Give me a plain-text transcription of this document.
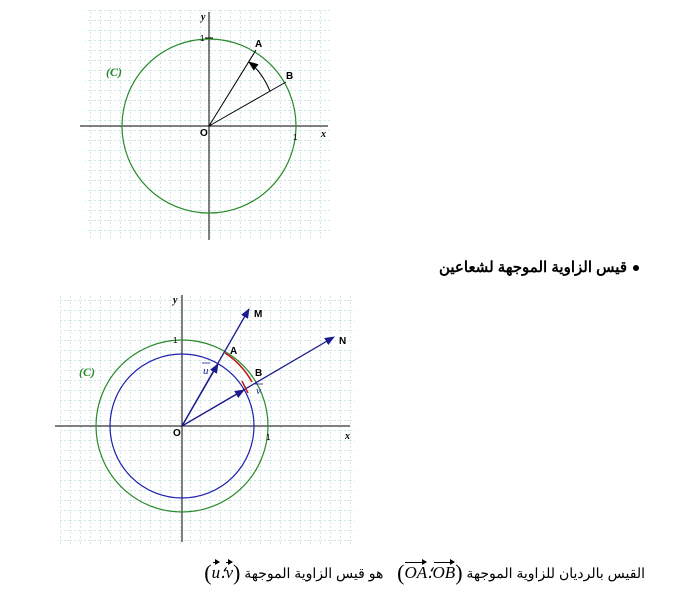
(C)
A
B
O	x
y
1
1
(C)
A
B
M
N
O	x
y
1
1
u
v
قيس الزاوية الموجهة لشعاعين
القيس بالرديان للزاوية الموجهة (OA؛OB)  هو قيس الزاوية الموجهة (u؛v)
